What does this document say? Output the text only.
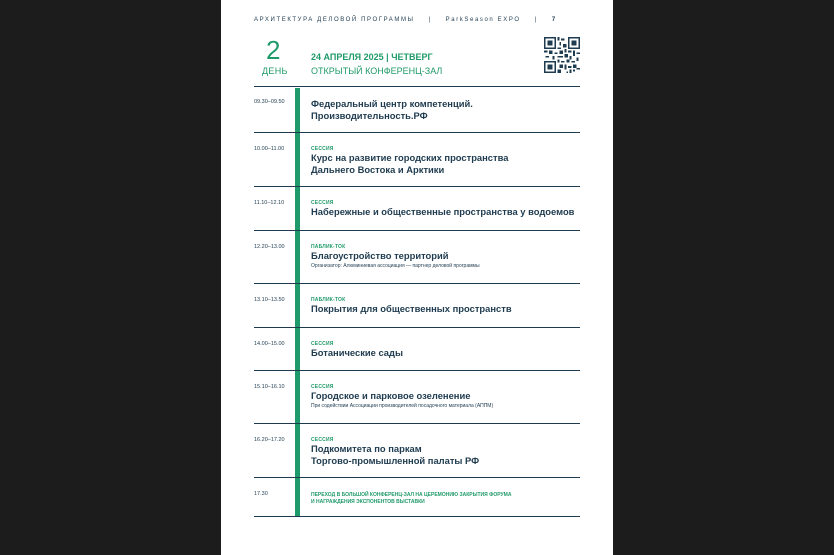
АРХИТЕКТУРА ДЕЛОВОЙ ПРОГРАММЫ | ParkSeason EXPO | 7
2
ДЕНЬ
24 АПРЕЛЯ 2025 | ЧЕТВЕРГ
ОТКРЫТЫЙ КОНФЕРЕНЦ-ЗАЛ
09.30–09.50	Федеральный центр компетенций.
Производительность.РФ
10.00–11.00	СЕССИЯ
Курс на развитие городских пространства
Дальнего Востока и Арктики
11.10–12.10	СЕССИЯ
Набережные и общественные пространства у водоемов
12.20–13.00	ПАБЛИК-ТОК
Благоустройство территорий
Организатор: Алюминиевая ассоциация — партнер деловой программы
13.10–13.50	ПАБЛИК-ТОК
Покрытия для общественных пространств
14.00–15.00	СЕССИЯ
Ботанические сады
15.10–16.10	СЕССИЯ
Городское и парковое озеленение
При содействии Ассоциации производителей посадочного материала (АППМ)
16.20–17.20	СЕССИЯ
Подкомитета по паркам
Торгово-промышленной палаты РФ
17.30	ПЕРЕХОД В БОЛЬШОЙ КОНФЕРЕНЦ-ЗАЛ НА ЦЕРЕМОНИЮ ЗАКРЫТИЯ ФОРУМА
И НАГРАЖДЕНИЯ ЭКСПОНЕНТОВ ВЫСТАВКИ
